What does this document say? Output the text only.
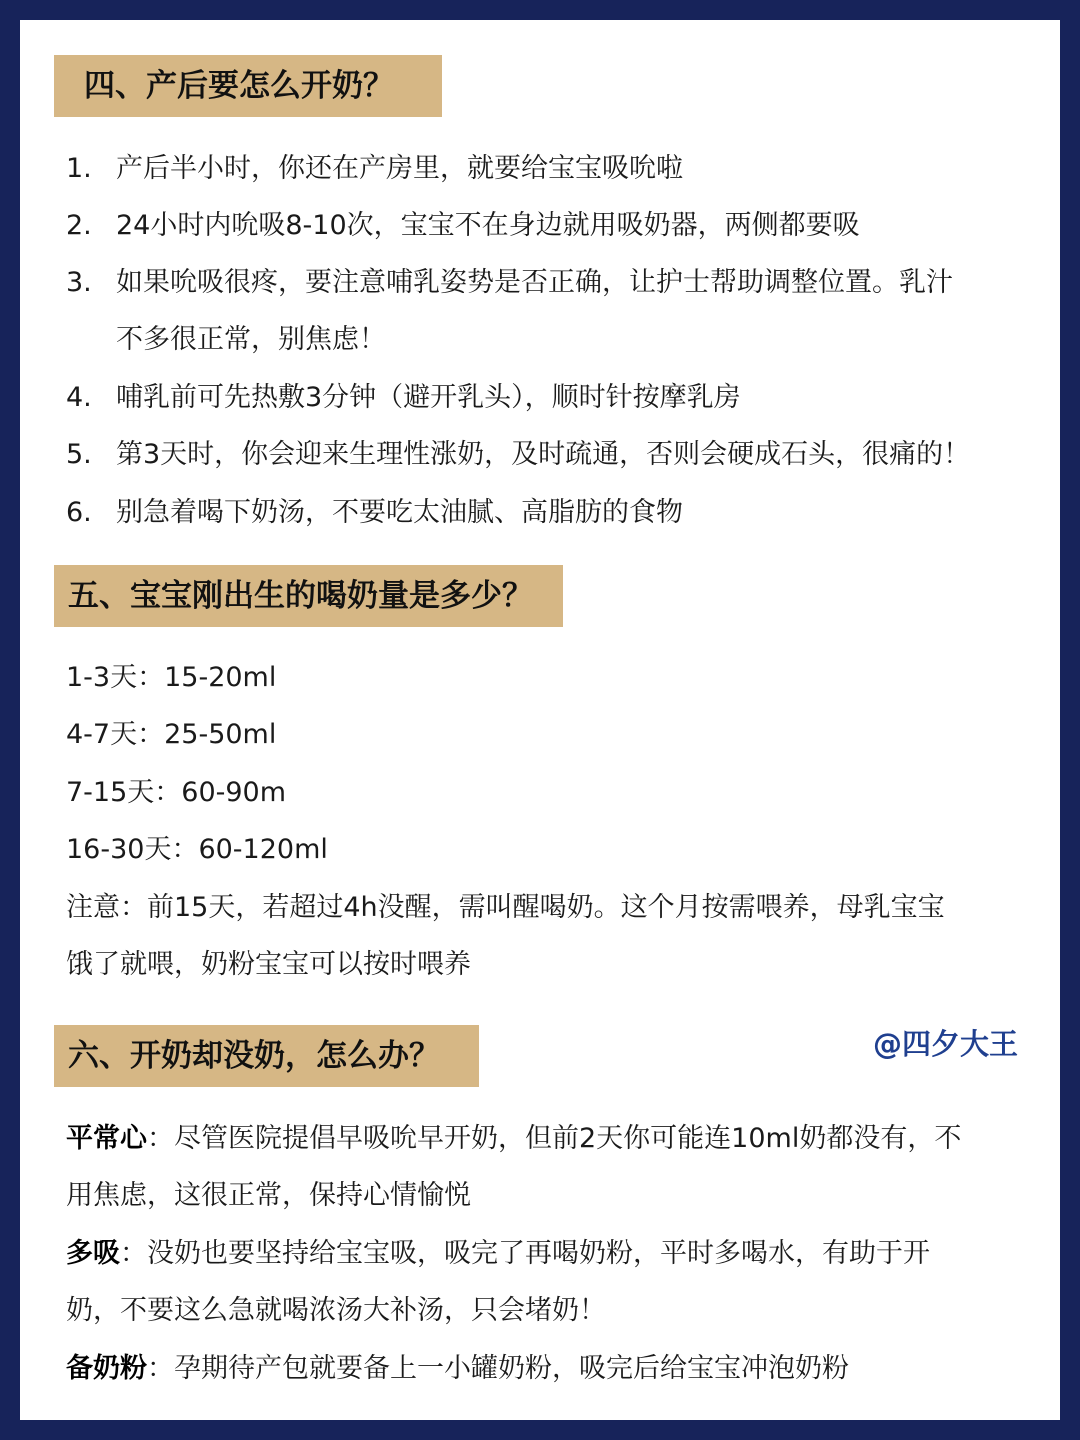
四、产后要怎么开奶？
1. 产后半小时，你还在产房里，就要给宝宝吸吮啦
2. 24小时内吮吸8-10次，宝宝不在身边就用吸奶器，两侧都要吸
3. 如果吮吸很疼，要注意哺乳姿势是否正确，让护士帮助调整位置。乳汁
不多很正常，别焦虑！
4. 哺乳前可先热敷3分钟（避开乳头），顺时针按摩乳房
5. 第3天时，你会迎来生理性涨奶，及时疏通，否则会硬成石头，很痛的！
6. 别急着喝下奶汤，不要吃太油腻、高脂肪的食物
五、宝宝刚出生的喝奶量是多少？
1-3天：15-20ml
4-7天：25-50ml
7-15天：60-90m
16-30天：60-120ml
注意：前15天，若超过4h没醒，需叫醒喝奶。这个月按需喂养，母乳宝宝
饿了就喂，奶粉宝宝可以按时喂养
六、开奶却没奶，怎么办？	@四夕大王
平常心：尽管医院提倡早吸吮早开奶，但前2天你可能连10ml奶都没有，不
用焦虑，这很正常，保持心情愉悦
多吸：没奶也要坚持给宝宝吸，吸完了再喝奶粉，平时多喝水，有助于开
奶，不要这么急就喝浓汤大补汤，只会堵奶！
备奶粉：孕期待产包就要备上一小罐奶粉，吸完后给宝宝冲泡奶粉
